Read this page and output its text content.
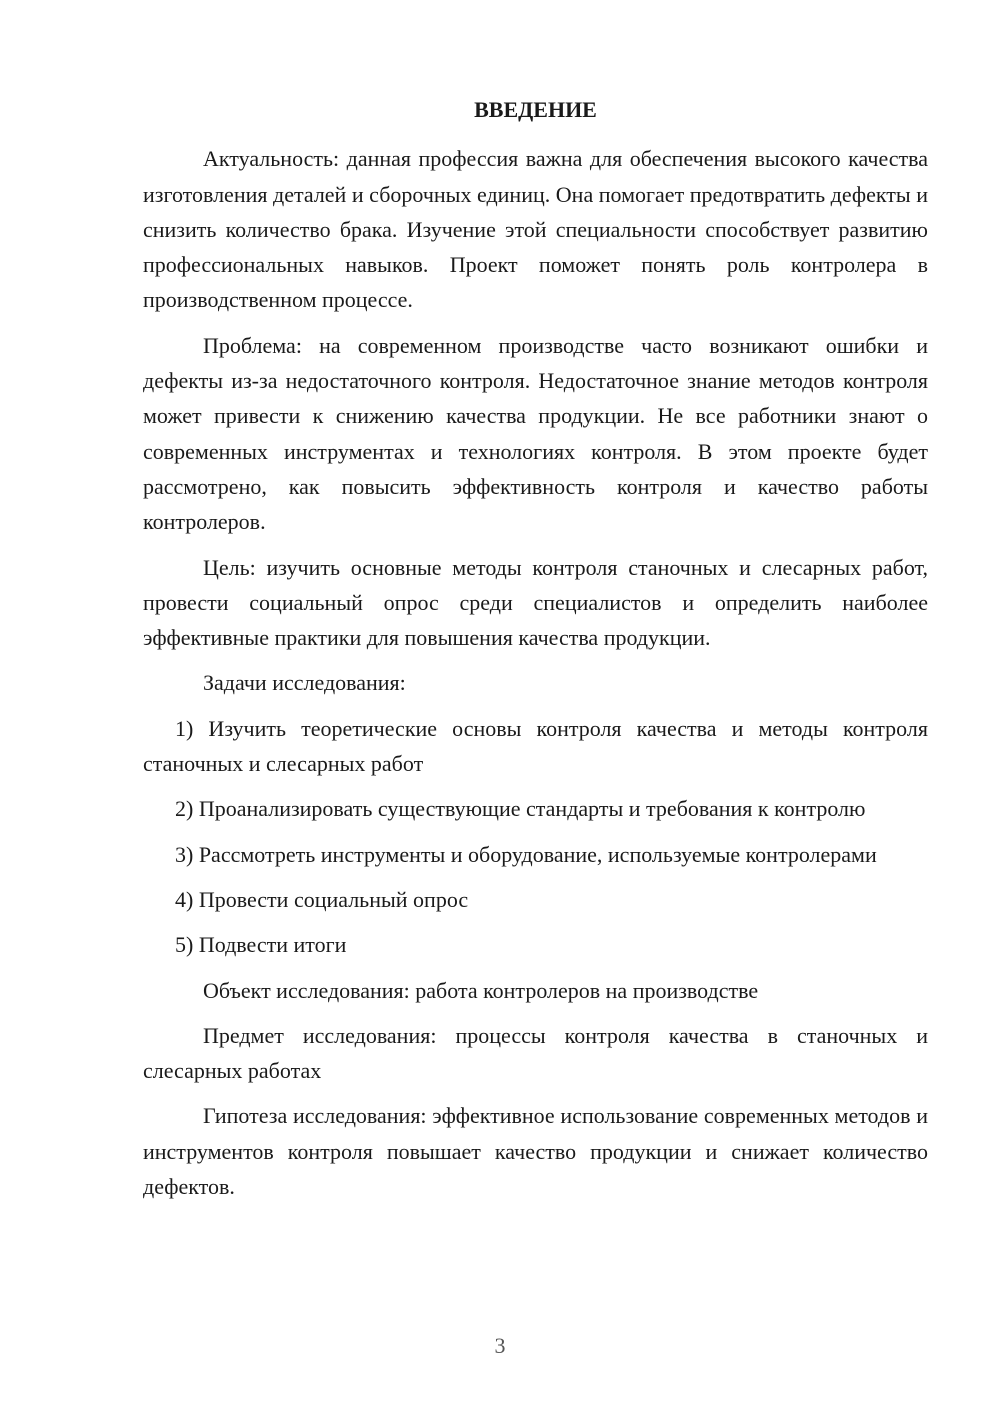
ВВЕДЕНИЕ

Актуальность: данная профессия важна для обеспечения высокого качества изготовления деталей и сборочных единиц. Она помогает предотвратить дефекты и снизить количество брака. Изучение этой специальности способствует развитию профессиональных навыков. Проект поможет понять роль контролера в производственном процессе.

Проблема: на современном производстве часто возникают ошибки и дефекты из-за недостаточного контроля. Недостаточное знание методов контроля может привести к снижению качества продукции. Не все работники знают о современных инструментах и технологиях контроля. В этом проекте будет рассмотрено, как повысить эффективность контроля и качество работы контролеров.

Цель: изучить основные методы контроля станочных и слесарных работ, провести социальный опрос среди специалистов и определить наиболее эффективные практики для повышения качества продукции.

Задачи исследования:

1) Изучить теоретические основы контроля качества и методы контроля станочных и слесарных работ

2) Проанализировать существующие стандарты и требования к контролю

3) Рассмотреть инструменты и оборудование, используемые контролерами

4) Провести социальный опрос

5) Подвести итоги

Объект исследования: работа контролеров на производстве

Предмет исследования: процессы контроля качества в станочных и слесарных работах

Гипотеза исследования: эффективное использование современных методов и инструментов контроля повышает качество продукции и снижает количество дефектов.

3
